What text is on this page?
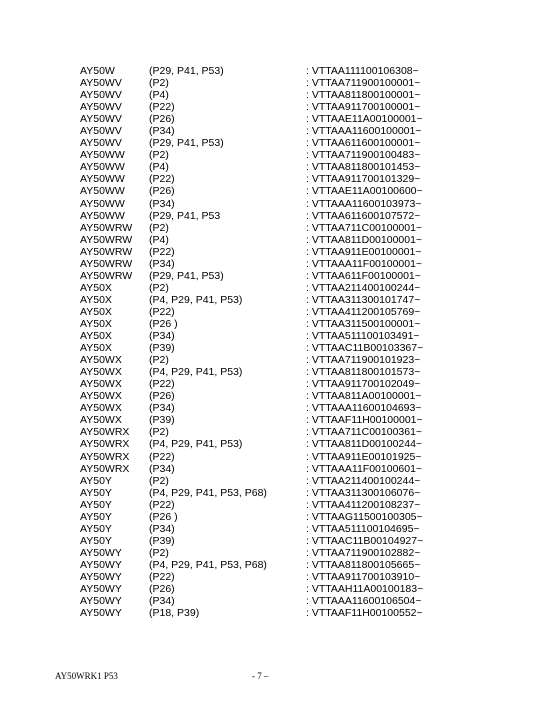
AY50W	(P29, P41, P53)	: VTTAA111100106308~
AY50WV	(P2)	: VTTAA711900100001~
AY50WV	(P4)	: VTTAA811800100001~
AY50WV	(P22)	: VTTAA911700100001~
AY50WV	(P26)	: VTTAAE11A00100001~
AY50WV	(P34)	: VTTAAA11600100001~
AY50WV	(P29, P41, P53)	: VTTAA611600100001~
AY50WW (P2)	: VTTAA711900100483~
AY50WW (P4)	: VTTAA811800101453~
AY50WW (P22)	: VTTAA911700101329~
AY50WW (P26)	: VTTAAE11A00100600~
AY50WW (P34)	: VTTAAA11600103973~
AY50WW (P29, P41, P53	: VTTAA611600107572~
AY50WRW (P2)	: VTTAA711C00100001~
AY50WRW (P4)	: VTTAA811D00100001~
AY50WRW (P22)	: VTTAA911E00100001~
AY50WRW (P34)	: VTTAAA11F00100001~
AY50WRW (P29, P41, P53)	: VTTAA611F00100001~
AY50X	(P2)	: VTTAA211400100244~
AY50X	(P4, P29, P41, P53)	: VTTAA311300101747~
AY50X	(P22)	: VTTAA411200105769~
AY50X	(P26 )	: VTTAA311500100001~
AY50X	(P34)	: VTTAA511100103491~
AY50X	(P39)	: VTTAAC11B00103367~
AY50WX	(P2)	: VTTAA711900101923~
AY50WX	(P4, P29, P41, P53)	: VTTAA811800101573~
AY50WX	(P22)	: VTTAA911700102049~
AY50WX	(P26)	: VTTAA811A00100001~
AY50WX	(P34)	: VTTAAA11600104693~
AY50WX	(P39)	: VTTAAF11H00100001~
AY50WRX (P2)	: VTTAA711C00100361~
AY50WRX (P4, P29, P41, P53)	: VTTAA811D00100244~
AY50WRX (P22)	: VTTAA911E00101925~
AY50WRX (P34)	: VTTAAA11F00100601~
AY50Y	(P2)	: VTTAA211400100244~
AY50Y	(P4, P29, P41, P53, P68)	: VTTAA311300106076~
AY50Y	(P22)	: VTTAA411200108237~
AY50Y	(P26 )	: VTTAAG11500100305~
AY50Y	(P34)	: VTTAA511100104695~
AY50Y	(P39)	: VTTAAC11B00104927~
AY50WY	(P2)	: VTTAA711900102882~
AY50WY	(P4, P29, P41, P53, P68)	: VTTAA811800105665~
AY50WY	(P22)	: VTTAA911700103910~
AY50WY	(P26)	: VTTAAH11A00100183~
AY50WY	(P34)	: VTTAAA11600106504~
AY50WY	(P18, P39)	: VTTAAF11H00100552~
AY50WRK1 P53	- 7 –
